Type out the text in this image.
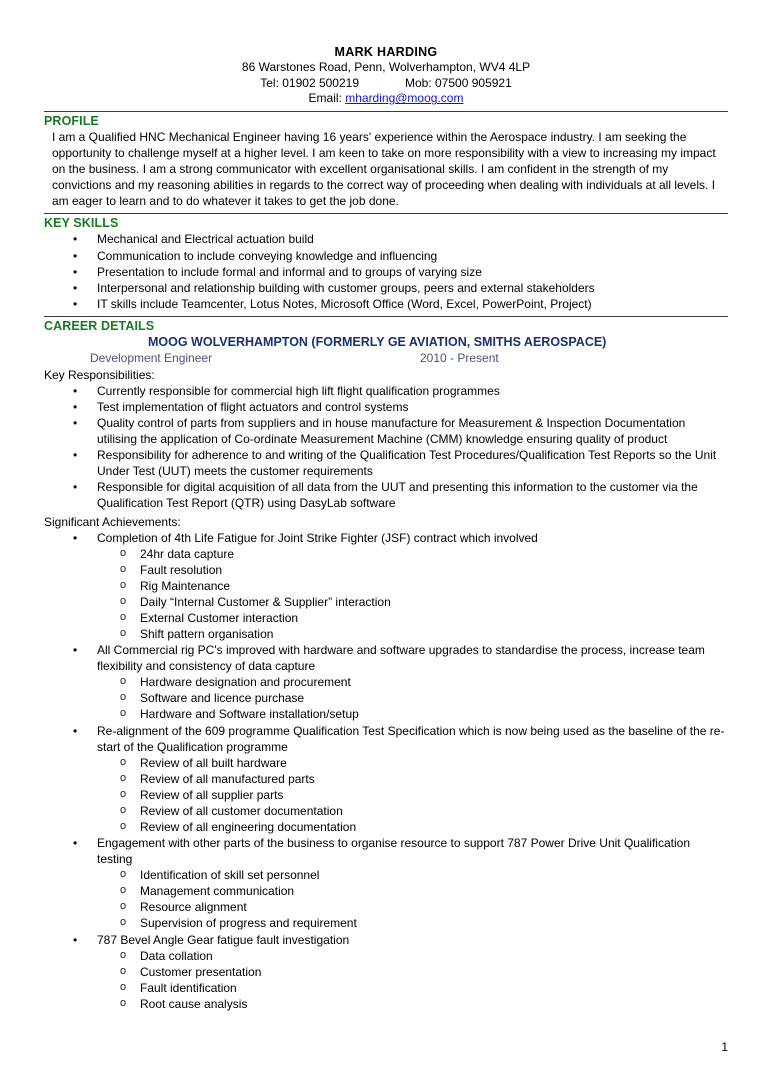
MARK HARDING
86 Warstones Road, Penn, Wolverhampton, WV4 4LP
Tel: 01902 500219	Mob: 07500 905921
Email: mharding@moog.com
PROFILE

I am a Qualified HNC Mechanical Engineer having 16 years' experience within the Aerospace industry. I am seeking the opportunity to challenge myself at a higher level. I am keen to take on more responsibility with a view to increasing my impact on the business. I am a strong communicator with excellent organisational skills. I am confident in the strength of my convictions and my reasoning abilities in regards to the correct way of proceeding when dealing with individuals at all levels. I am eager to learn and to do whatever it takes to get the job done.

KEY SKILLS
• Mechanical and Electrical actuation build
• Communication to include conveying knowledge and influencing
• Presentation to include formal and informal and to groups of varying size
• Interpersonal and relationship building with customer groups, peers and external stakeholders
• IT skills include Teamcenter, Lotus Notes, Microsoft Office (Word, Excel, PowerPoint, Project)
CAREER DETAILS
MOOG WOLVERHAMPTON (FORMERLY GE AVIATION, SMITHS AEROSPACE)
Development Engineer	2010 - Present
Key Responsibilities:
• Currently responsible for commercial high lift flight qualification programmes
• Test implementation of flight actuators and control systems
• Quality control of parts from suppliers and in house manufacture for Measurement & Inspection Documentation utilising the application of Co-ordinate Measurement Machine (CMM) knowledge ensuring quality of product
• Responsibility for adherence to and writing of the Qualification Test Procedures/Qualification Test Reports so the Unit Under Test (UUT) meets the customer requirements
• Responsible for digital acquisition of all data from the UUT and presenting this information to the customer via the Qualification Test Report (QTR) using DasyLab software
Significant Achievements:
• Completion of 4th Life Fatigue for Joint Strike Fighter (JSF) contract which involved
o 24hr data capture
o Fault resolution
o Rig Maintenance
o Daily “Internal Customer & Supplier” interaction
o External Customer interaction
o Shift pattern organisation
• All Commercial rig PC's improved with hardware and software upgrades to standardise the process, increase team flexibility and consistency of data capture
o Hardware designation and procurement
o Software and licence purchase
o Hardware and Software installation/setup
• Re-alignment of the 609 programme Qualification Test Specification which is now being used as the baseline of the re-start of the Qualification programme
o Review of all built hardware
o Review of all manufactured parts
o Review of all supplier parts
o Review of all customer documentation
o Review of all engineering documentation
• Engagement with other parts of the business to organise resource to support 787 Power Drive Unit Qualification testing
o Identification of skill set personnel
o Management communication
o Resource alignment
o Supervision of progress and requirement
• 787 Bevel Angle Gear fatigue fault investigation
o Data collation
o Customer presentation
o Fault identification
o Root cause analysis
1
